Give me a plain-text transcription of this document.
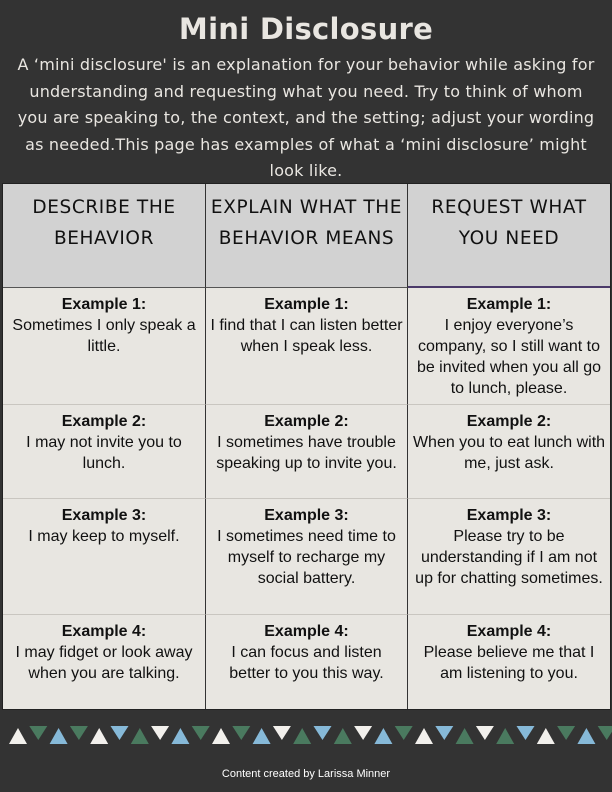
Mini Disclosure
A ‘mini disclosure' is an explanation for your behavior while asking for understanding and requesting what you need. Try to think of whom you are speaking to, the context, and the setting; adjust your wording as needed.This page has examples of what a ‘mini disclosure’ might look like.
DESCRIBE THE BEHAVIOR
EXPLAIN WHAT THE BEHAVIOR MEANS
REQUEST WHAT YOU NEED
Example 1:
Sometimes I only speak a little.
Example 1:
I find that I can listen better when I speak less.
Example 1:
I enjoy everyone’s company, so I still want to be invited when you all go to lunch, please.
Example 2:
I may not invite you to lunch.
Example 2:
I sometimes have trouble speaking up to invite you.
Example 2:
When you to eat lunch with me, just ask.
Example 3:
I may keep to myself.
Example 3:
I sometimes need time to myself to recharge my social battery.
Example 3:
Please try to be understanding if I am not up for chatting sometimes.
Example 4:
I may fidget or look away when you are talking.
Example 4:
I can focus and listen better to you this way.
Example 4:
Please believe me that I am listening to you.
Content created by Larissa Minner
